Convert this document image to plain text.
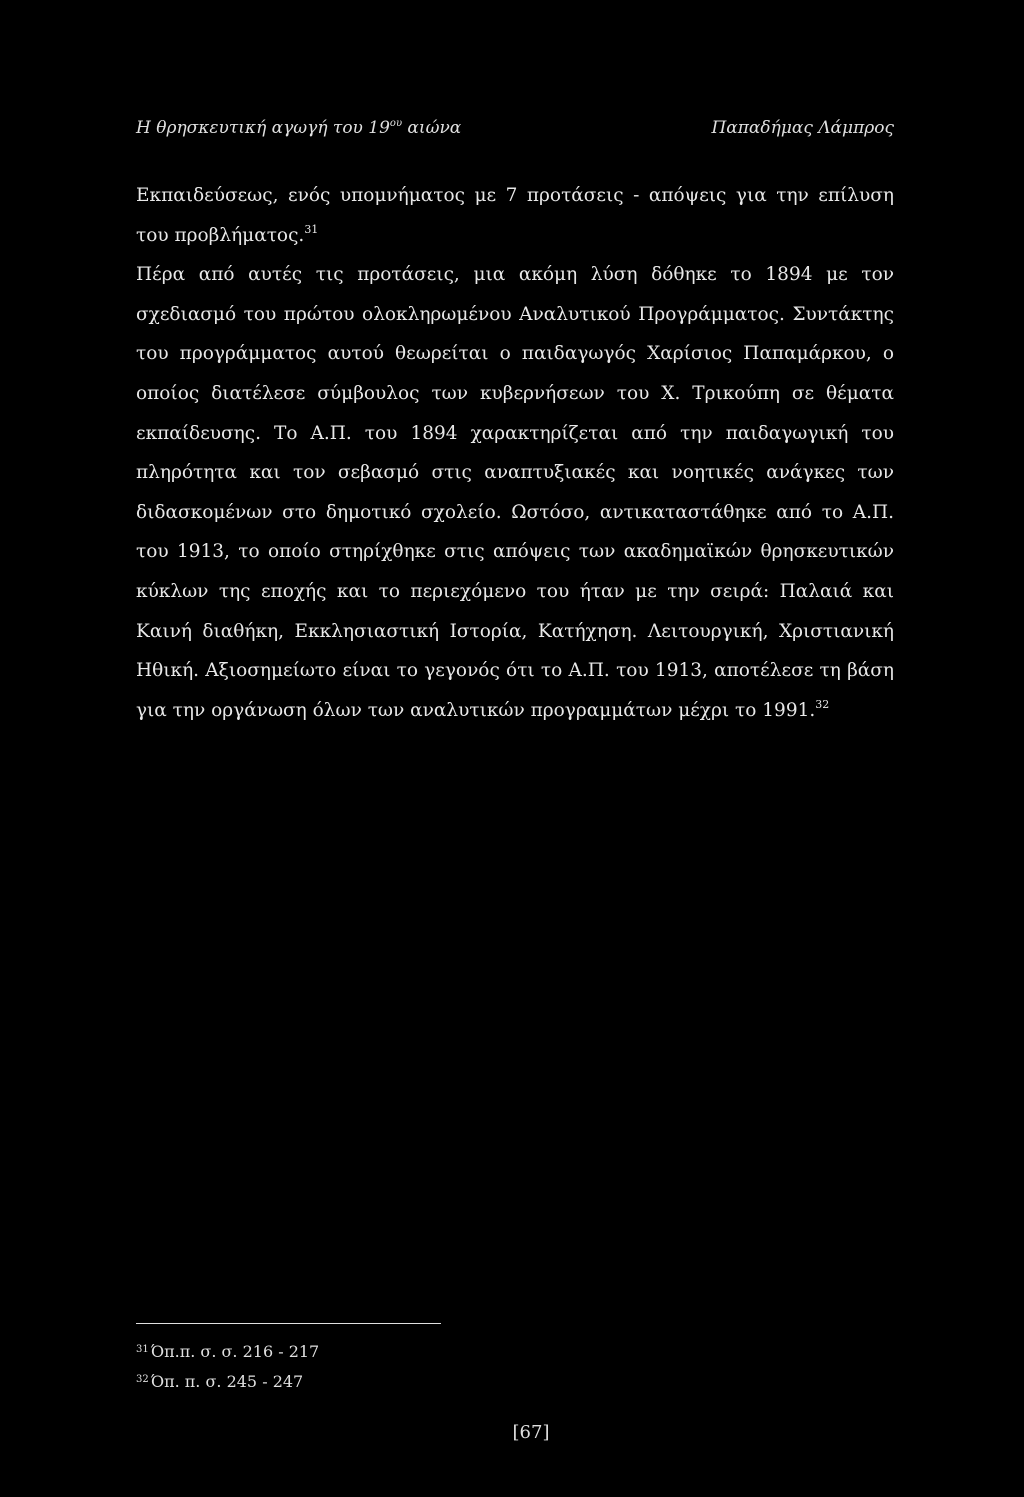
Η θρησκευτική αγωγή του $19^{o\upsilon}$ αιώνα	Παπαδήμας Λάμπρος

Εκπαιδεύσεως, ενός υπομνήματος με 7 προτάσεις - απόψεις για την επίλυση του προβλήματος.$^{31}$

Πέρα από αυτές τις προτάσεις, μια ακόμη λύση δόθηκε το 1894 με τον σχεδιασμό του πρώτου ολοκληρωμένου Αναλυτικού Προγράμματος. Συντάκτης του προγράμματος αυτού θεωρείται ο παιδαγωγός Χαρίσιος Παπαμάρκου, ο οποίος διατέλεσε σύμβουλος των κυβερνήσεων του Χ. Τρικούπη σε θέματα εκπαίδευσης. Το Α.Π. του 1894 χαρακτηρίζεται από την παιδαγωγική του πληρότητα και τον σεβασμό στις αναπτυξιακές και νοητικές ανάγκες των διδασκομένων στο δημοτικό σχολείο. Ωστόσο, αντικαταστάθηκε από το Α.Π. του 1913, το οποίο στηρίχθηκε στις απόψεις των ακαδημαϊκών θρησκευτικών κύκλων της εποχής και το περιεχόμενο του ήταν με την σειρά: Παλαιά και Καινή διαθήκη, Εκκλησιαστική Ιστορία, Κατήχηση. Λειτουργική, Χριστιανική Ηθική. Αξιοσημείωτο είναι το γεγονός ότι το Α.Π. του 1913, αποτέλεσε τη βάση για την οργάνωση όλων των αναλυτικών προγραμμάτων μέχρι το 1991.32

$^{31}$ Όπ.π. σ. σ. 216 - 217
$^{32}$ Όπ. π. σ. 245 - 247
[67]
